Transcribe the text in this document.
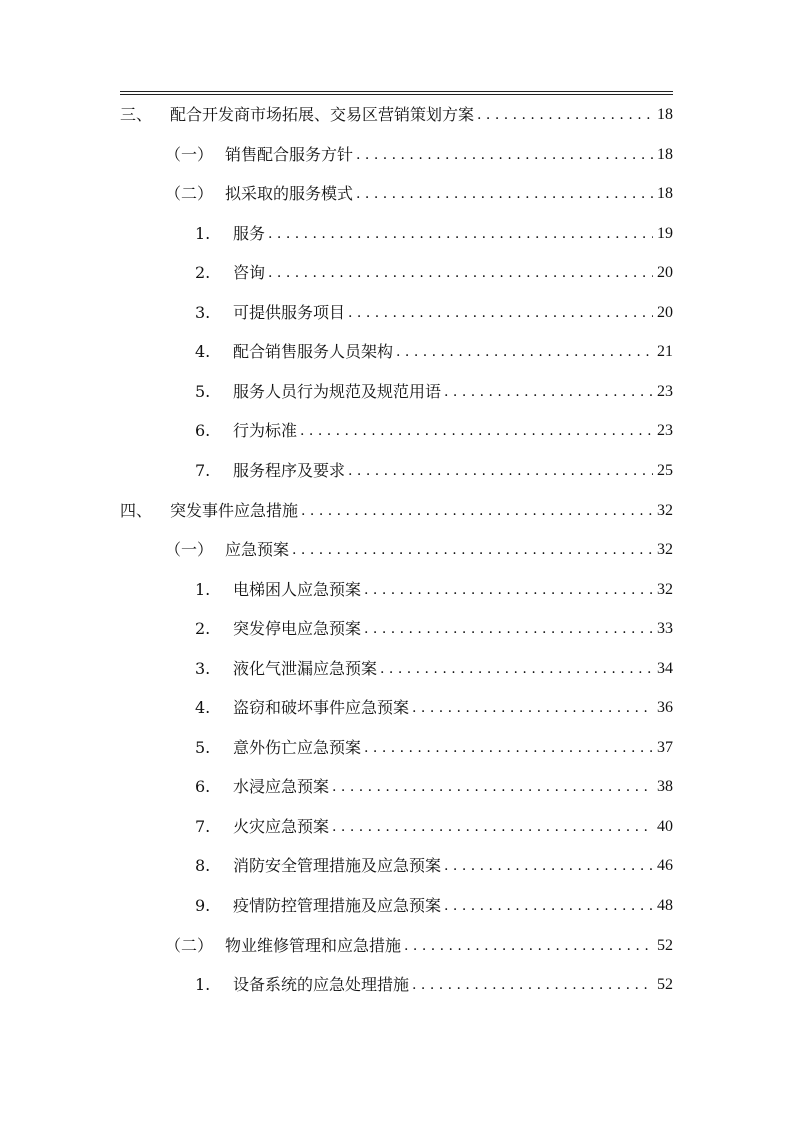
三、	配合开发商市场拓展、交易区营销策划方案 . . .	18
（一） 销售配合服务方针 . . .	18
（二） 拟采取的服务模式 . . .	18
1.	服务 . . .	19
2.	咨询 . . .	20
3.	可提供服务项目 . . .	20
4.	配合销售服务人员架构 . . .	21
5.	服务人员行为规范及规范用语 . . .	23
6.	行为标准 . . .	23
7.	服务程序及要求 . . .	25
四、	突发事件应急措施 . . .	32
（一） 应急预案 . . .	32
1.	电梯困人应急预案 . . .	32
2.	突发停电应急预案 . . .	33
3.	液化气泄漏应急预案 . . .	34
4.	盗窃和破坏事件应急预案 . . .	36
5.	意外伤亡应急预案 . . .	37
6.	水浸应急预案 . . .	38
7.	火灾应急预案 . . .	40
8.	消防安全管理措施及应急预案 . . .	46
9.	疫情防控管理措施及应急预案 . . .	48
（二） 物业维修管理和应急措施 . . .	52
1.	设备系统的应急处理措施 . . .	52
